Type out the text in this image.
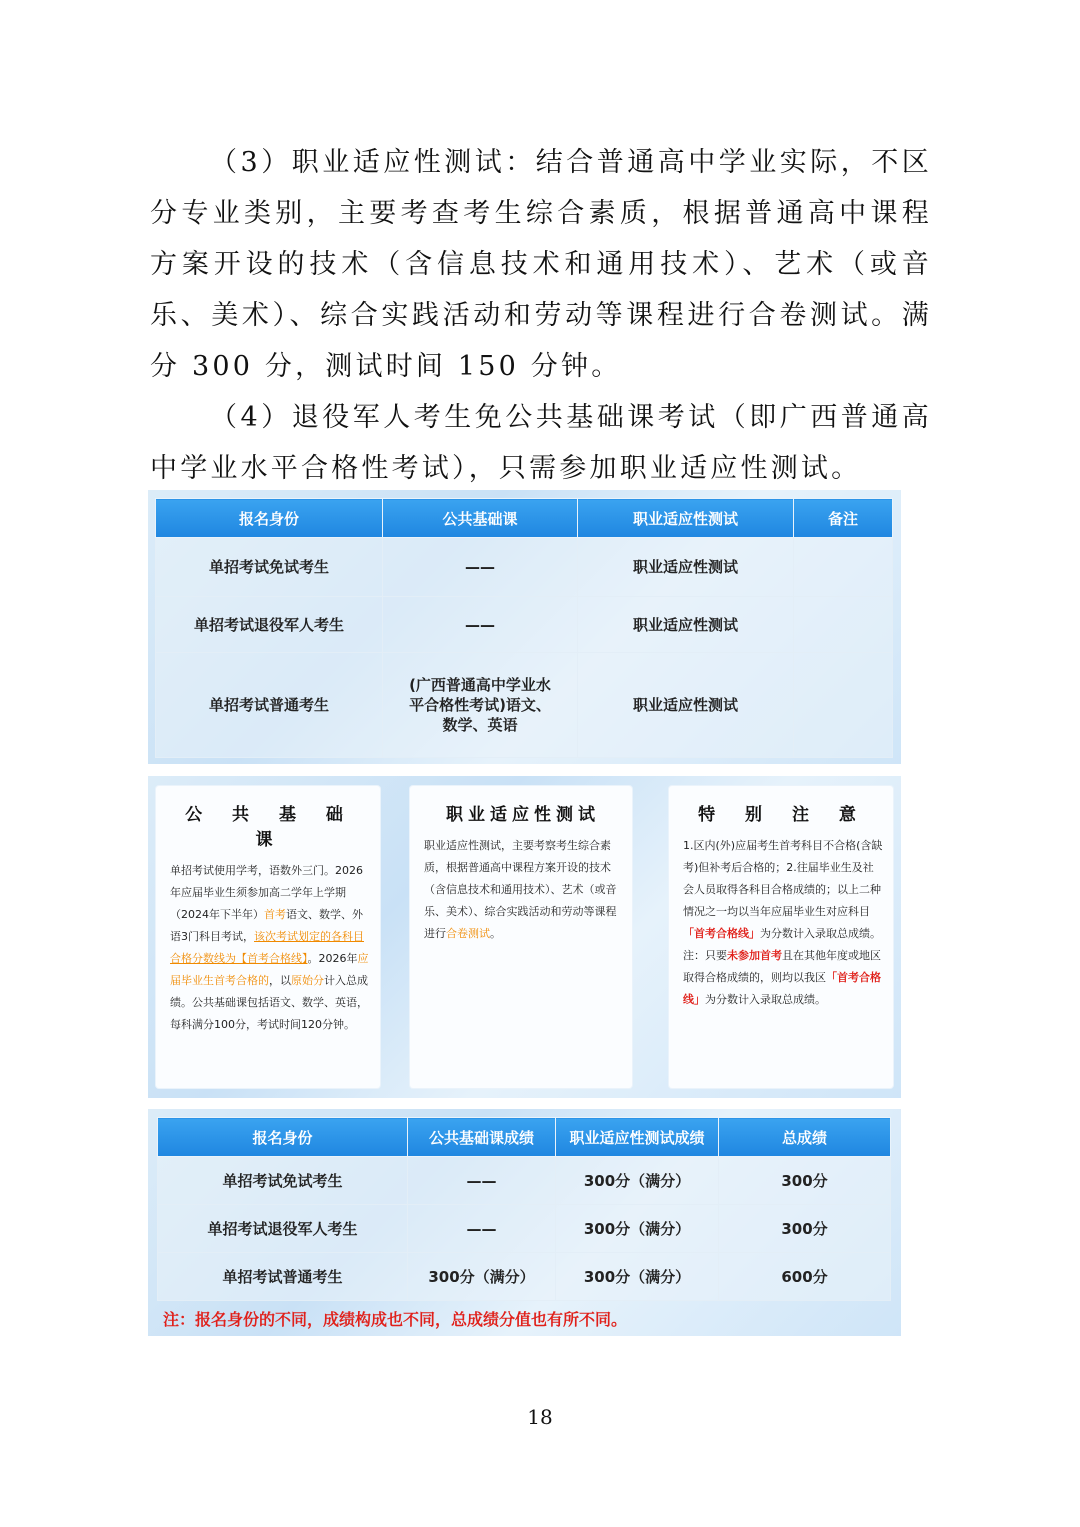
（3）职业适应性测试：结合普通高中学业实际，不区分专业类别，主要考查考生综合素质，根据普通高中课程方案开设的技术（含信息技术和通用技术）、艺术（或音乐、美术）、综合实践活动和劳动等课程进行合卷测试。满分 300 分，测试时间 150 分钟。

（4）退役军人考生免公共基础课考试（即广西普通高中学业水平合格性考试），只需参加职业适应性测试。

报名身份	公共基础课	职业适应性测试	备注
单招考试免试考生	——	职业适应性测试	
单招考试退役军人考生	——	职业适应性测试	
单招考试普通考生	(广西普通高中学业水平合格性考试)语文、数学、英语	职业适应性测试	
公 共 基 础 课

单招考试使用学考，语数外三门。2026年应届毕业生须参加高二学年上学期（2024年下半年）首考语文、数学、外语3门科目考试，该次考试划定的各科目合格分数线为【首考合格线】。2026年应届毕业生首考合格的，以原始分计入总成绩。公共基础课包括语文、数学、英语，每科满分100分，考试时间120分钟。

职业适应性测试

职业适应性测试，主要考察考生综合素质，根据普通高中课程方案开设的技术（含信息技术和通用技术）、艺术（或音乐、美术）、综合实践活动和劳动等课程进行合卷测试。

特 别 注 意

1.区内(外)应届考生首考科目不合格(含缺考)但补考后合格的；2.往届毕业生及社会人员取得各科目合格成绩的；以上二种情况之一均以当年应届毕业生对应科目「首考合格线」为分数计入录取总成绩。注：只要未参加首考且在其他年度或地区取得合格成绩的，则均以我区「首考合格线」为分数计入录取总成绩。

报名身份	公共基础课成绩	职业适应性测试成绩	总成绩
单招考试免试考生	——	300分（满分）	300分
单招考试退役军人考生	——	300分（满分）	300分
单招考试普通考生	300分（满分）	300分（满分）	600分

注：报名身份的不同，成绩构成也不同，总成绩分值也有所不同。

18
